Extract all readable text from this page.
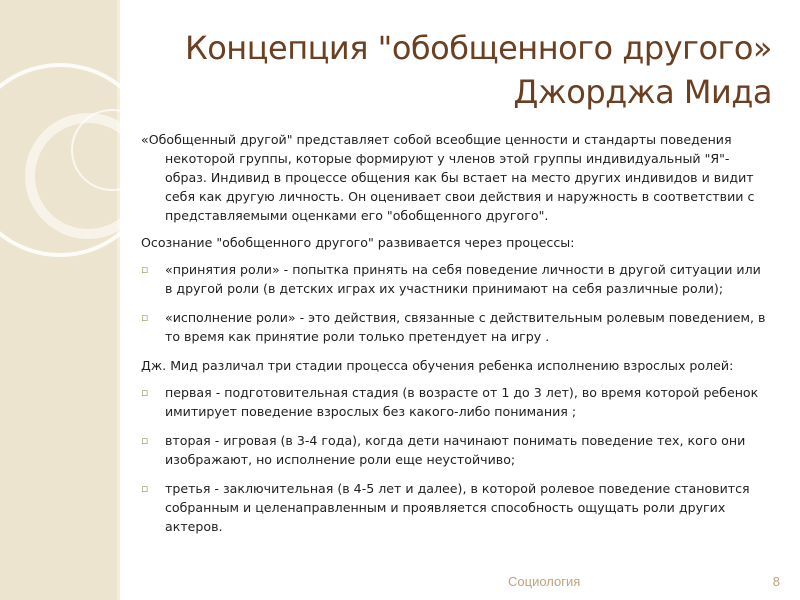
Концепция "обобщенного другого» Джорджа Мида

«Обобщенный другой" представляет собой всеобщие ценности и стандарты поведения некоторой группы, которые формируют у членов этой группы индивидуальный "Я"-образ. Индивид в процессе общения как бы встает на место других индивидов и видит себя как другую личность. Он оценивает свои действия и наружность в соответствии с представляемыми оценками его "обобщенного другого".

Осознание "обобщенного другого" развивается через процессы:

▫ «принятия роли» - попытка принять на себя поведение личности в другой ситуации или в другой роли (в детских играх их участники принимают на себя различные роли);
▫ «исполнение роли» - это действия, связанные с действительным ролевым поведением, в то время как принятие роли только претендует на игру .

Дж. Мид различал три стадии процесса обучения ребенка исполнению взрослых ролей:

▫ первая - подготовительная стадия (в возрасте от 1 до 3 лет), во время которой ребенок имитирует поведение взрослых без какого-либо понимания ;
▫ вторая - игровая (в 3-4 года), когда дети начинают понимать поведение тех, кого они изображают, но исполнение роли еще неустойчиво;
▫ третья - заключительная (в 4-5 лет и далее), в которой ролевое поведение становится собранным и целенаправленным и проявляется способность ощущать роли других актеров.
Социология	8
